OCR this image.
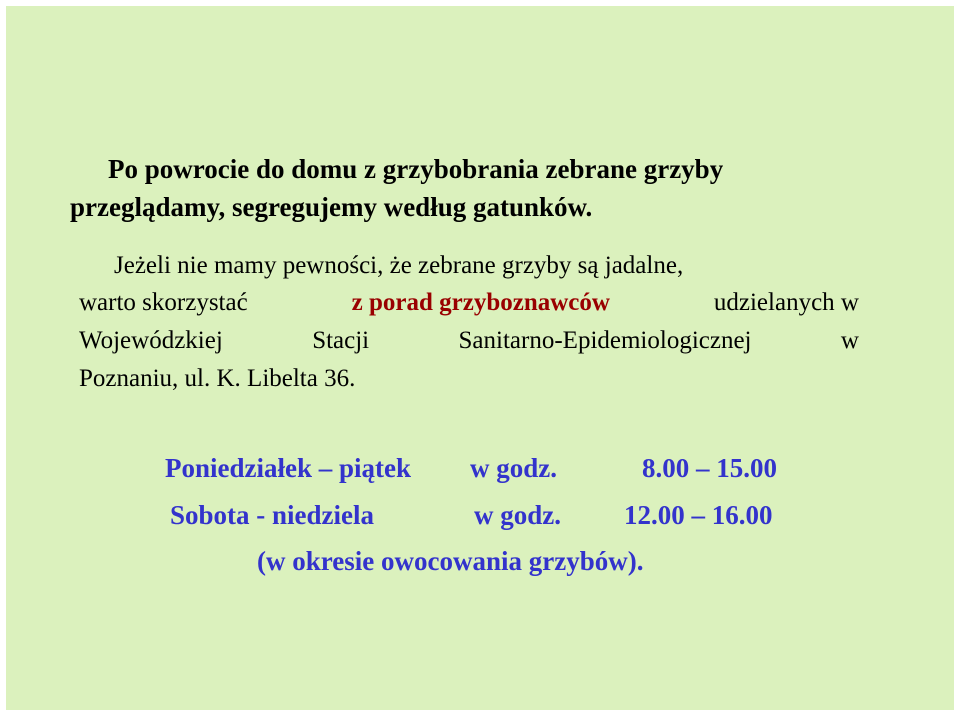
Po powrocie do domu z grzybobrania zebrane grzyby

przeglądamy, segregujemy według gatunków.

Jeżeli nie mamy pewności, że zebrane grzyby są jadalne,

warto skorzystać	z porad grzyboznawców	udzielanych w
Wojewódzkiej	Stacji	Sanitarno-Epidemiologicznej	w

Poznaniu, ul. K. Libelta 36.

Poniedziałek – piątek w godz.	8.00 – 15.00

Sobota - niedziela	w godz. 12.00 – 16.00

(w okresie owocowania grzybów).
